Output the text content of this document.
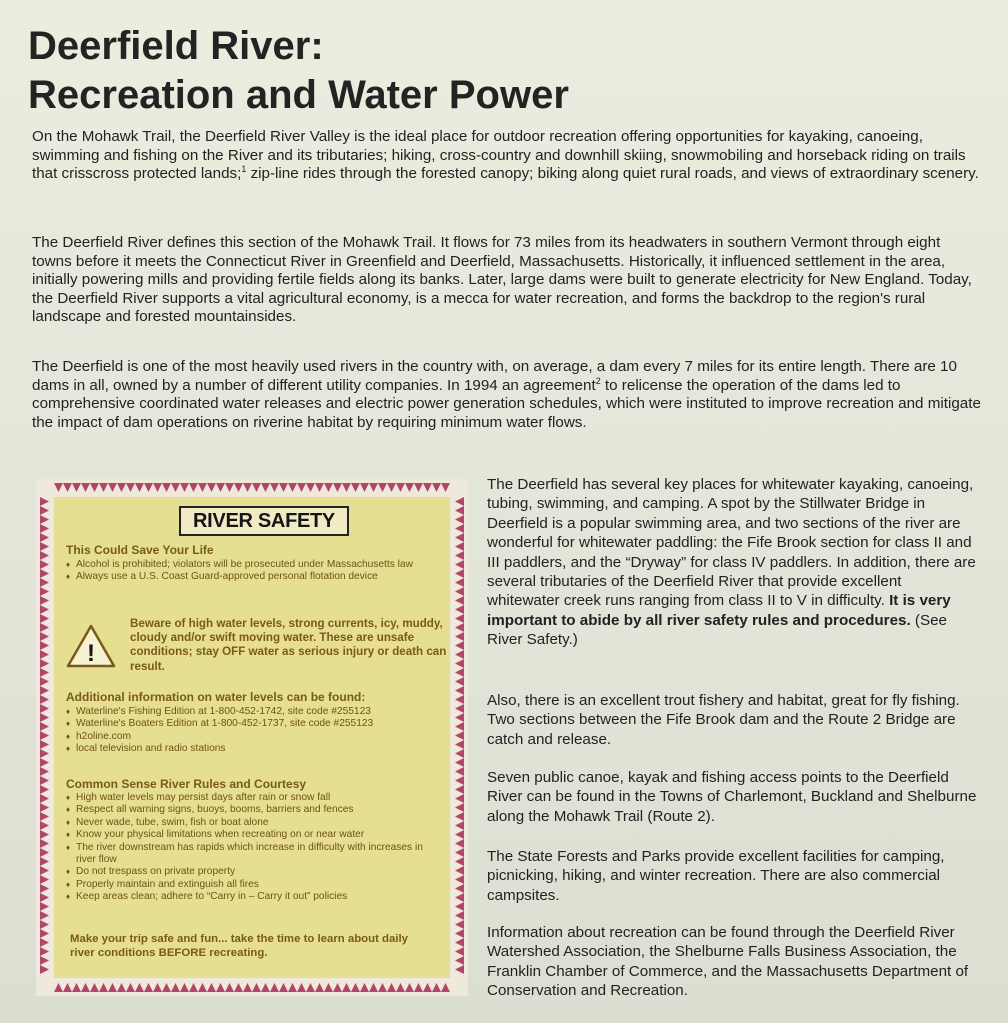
Deerfield River:
Recreation and Water Power

On the Mohawk Trail, the Deerfield River Valley is the ideal place for outdoor recreation offering opportunities for kayaking, canoeing, swimming and fishing on the River and its tributaries; hiking, cross-country and downhill skiing, snowmobiling and horseback riding on trails that crisscross protected lands;$^1$ zip-line rides through the forested canopy; biking along quiet rural roads, and views of extraordinary scenery.

The Deerfield River defines this section of the Mohawk Trail. It flows for 73 miles from its headwaters in southern Vermont through eight towns before it meets the Connecticut River in Greenfield and Deerfield, Massachusetts. Historically, it influenced settlement in the area, initially powering mills and providing fertile fields along its banks. Later, large dams were built to generate electricity for New England. Today, the Deerfield River supports a vital agricultural economy, is a mecca for water recreation, and forms the backdrop to the region's rural landscape and forested mountainsides.

The Deerfield is one of the most heavily used rivers in the country with, on average, a dam every 7 miles for its entire length. There are 10 dams in all, owned by a number of different utility companies. In 1994 an agreement$^2$ to relicense the operation of the dams led to comprehensive coordinated water releases and electric power generation schedules, which were instituted to improve recreation and mitigate the impact of dam operations on riverine habitat by requiring minimum water flows.

RIVER SAFETY

This Could Save Your Life

♦ Alcohol is prohibited; violators will be prosecuted under Massachusetts law
♦ Always use a U.S. Coast Guard-approved personal flotation device
!

Beware of high water levels, strong currents, icy, muddy, cloudy and/or swift moving water. These are unsafe conditions; stay OFF water as serious injury or death can result.

Additional information on water levels can be found:

♦ Waterline's Fishing Edition at 1-800-452-1742, site code #255123
♦ Waterline's Boaters Edition at 1-800-452-1737, site code #255123
♦ h2oline.com
♦ local television and radio stations

Common Sense River Rules and Courtesy

♦ High water levels may persist days after rain or snow fall
♦ Respect all warning signs, buoys, booms, barriers and fences
♦ Never wade, tube, swim, fish or boat alone
♦ Know your physical limitations when recreating on or near water
♦ The river downstream has rapids which increase in difficulty with increases in river flow
♦ Do not trespass on private property
♦ Properly maintain and extinguish all fires
♦ Keep areas clean; adhere to “Carry in – Carry it out” policies

Make your trip safe and fun... take the time to learn about daily river conditions BEFORE recreating.

The Deerfield has several key places for whitewater kayaking, canoeing, tubing, swimming, and camping. A spot by the Stillwater Bridge in Deerfield is a popular swimming area, and two sections of the river are wonderful for whitewater paddling: the Fife Brook section for class II and III paddlers, and the “Dryway” for class IV paddlers. In addition, there are several tributaries of the Deerfield River that provide excellent whitewater creek runs ranging from class II to V in difficulty. It is very important to abide by all river safety rules and procedures. (See River Safety.)

Also, there is an excellent trout fishery and habitat, great for fly fishing. Two sections between the Fife Brook dam and the Route 2 Bridge are catch and release.

Seven public canoe, kayak and fishing access points to the Deerfield River can be found in the Towns of Charlemont, Buckland and Shelburne along the Mohawk Trail (Route 2).

The State Forests and Parks provide excellent facilities for camping, picnicking, hiking, and winter recreation. There are also commercial campsites.

Information about recreation can be found through the Deerfield River Watershed Association, the Shelburne Falls Business Association, the Franklin Chamber of Commerce, and the Massachusetts Department of Conservation and Recreation.
